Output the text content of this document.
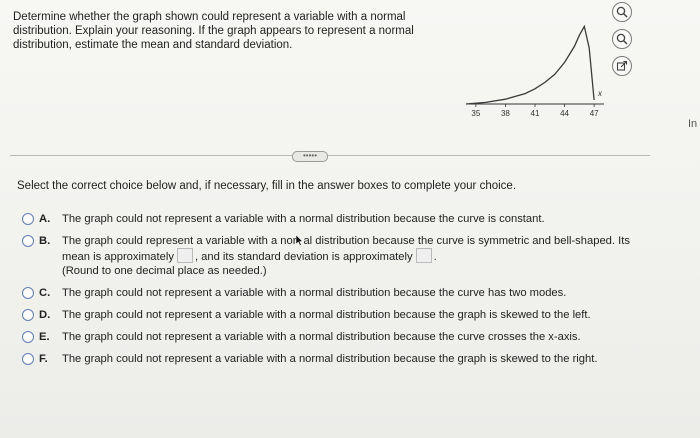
Determine whether the graph shown could represent a variable with a normal distribution. Explain your reasoning. If the graph appears to represent a normal distribution, estimate the mean and standard deviation.
35	38	41	44	47
x
In
•••••
Select the correct choice below and, if necessary, fill in the answer boxes to complete your choice.
A. The graph could not represent a variable with a normal distribution because the curve is constant.
B. The graph could represent a variable with a nor al distribution because the curve is symmetric and bell-shaped. Its mean is approximately , and its standard deviation is approximately .
(Round to one decimal place as needed.)
C. The graph could not represent a variable with a normal distribution because the curve has two modes.
D. The graph could not represent a variable with a normal distribution because the graph is skewed to the left.
E. The graph could not represent a variable with a normal distribution because the curve crosses the x-axis.
F. The graph could not represent a variable with a normal distribution because the graph is skewed to the right.
